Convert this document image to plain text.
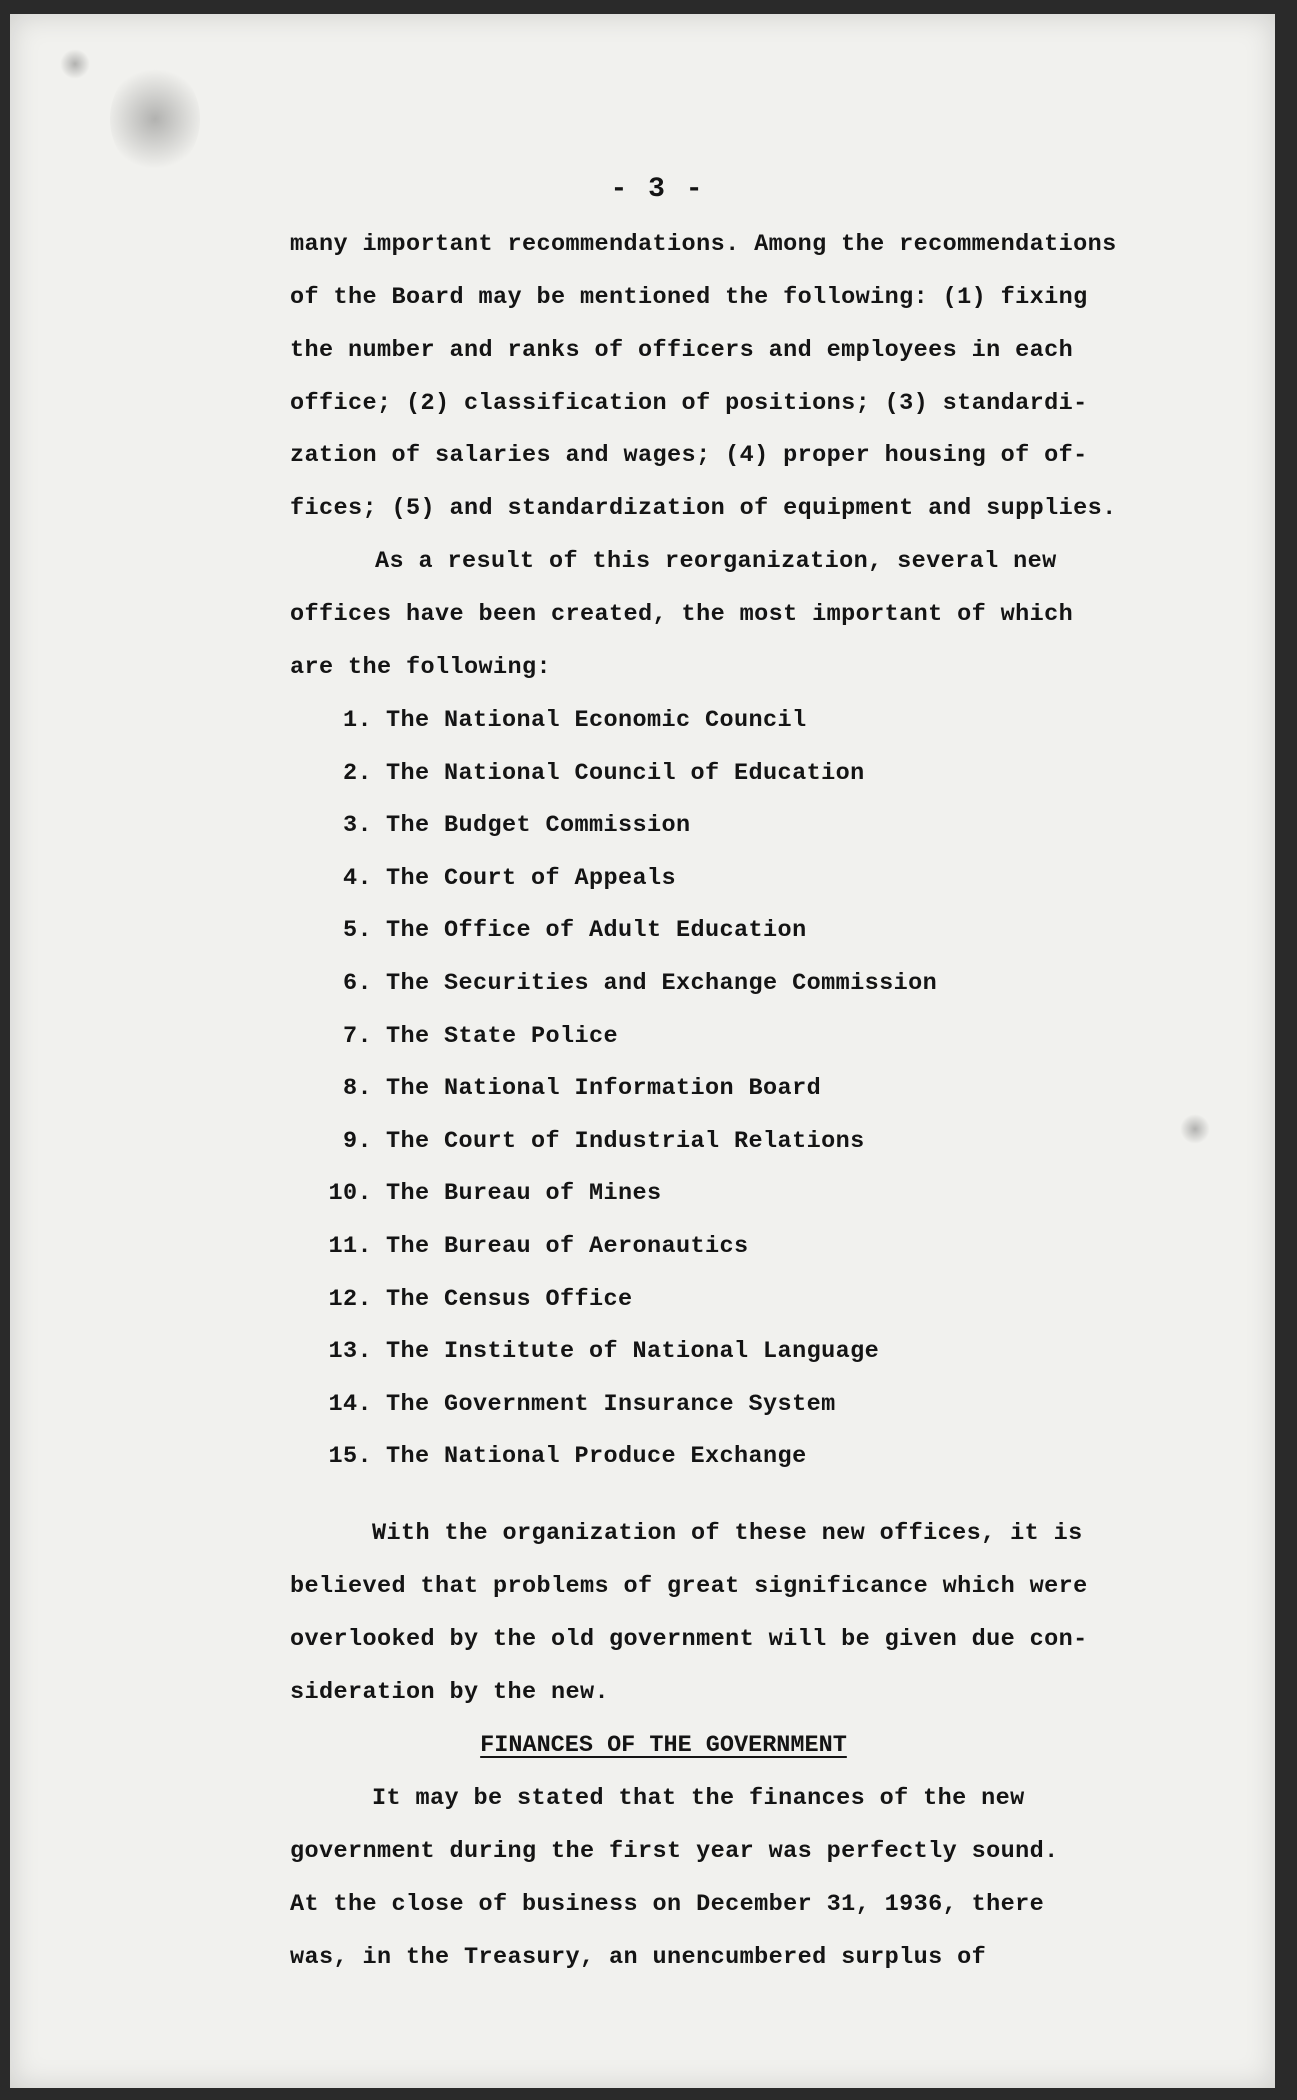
- 3 -
many important recommendations. Among the recommendations
of the Board may be mentioned the following: (1) fixing
the number and ranks of officers and employees in each
office; (2) classification of positions; (3) standardi-
zation of salaries and wages; (4) proper housing of of-
fices; (5) and standardization of equipment and supplies.
As a result of this reorganization, several new
offices have been created, the most important of which
are the following:
1. The National Economic Council
2. The National Council of Education
3. The Budget Commission
4. The Court of Appeals
5. The Office of Adult Education
6. The Securities and Exchange Commission
7. The State Police
8. The National Information Board
9. The Court of Industrial Relations
10. The Bureau of Mines
11. The Bureau of Aeronautics
12. The Census Office
13. The Institute of National Language
14. The Government Insurance System
15. The National Produce Exchange
With the organization of these new offices, it is
believed that problems of great significance which were
overlooked by the old government will be given due con-
sideration by the new.
FINANCES OF THE GOVERNMENT
It may be stated that the finances of the new
government during the first year was perfectly sound.
At the close of business on December 31, 1936, there
was, in the Treasury, an unencumbered surplus of
